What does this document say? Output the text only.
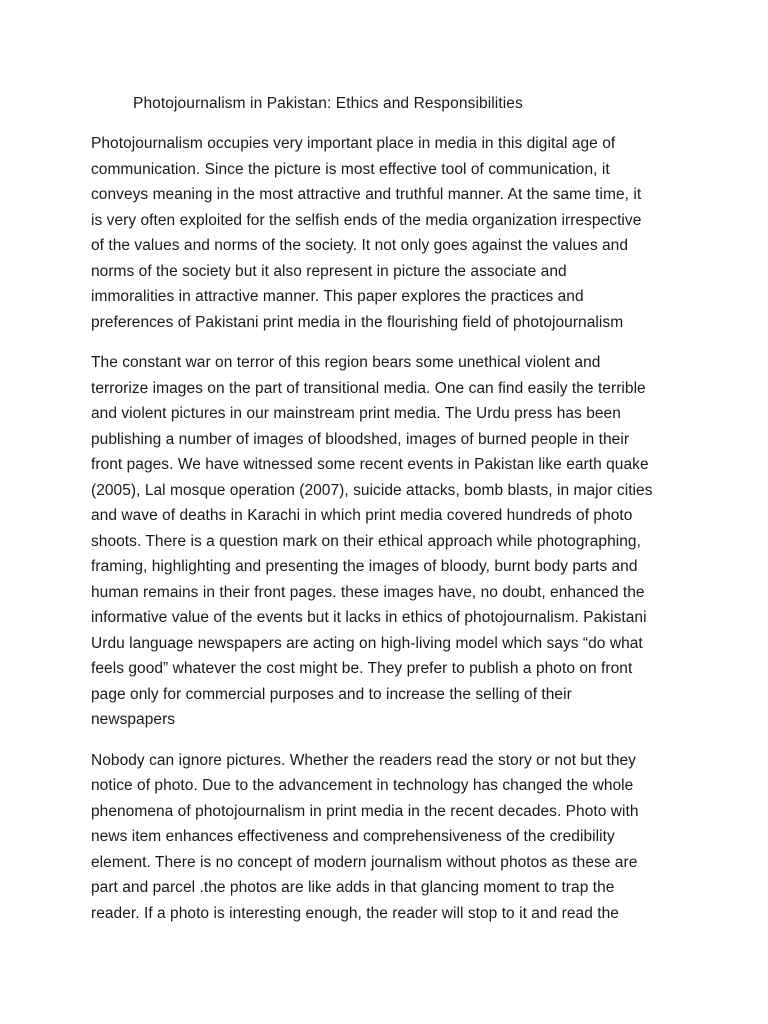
Photojournalism in Pakistan: Ethics and Responsibilities

Photojournalism occupies very important place in media in this digital age of
communication. Since the picture is most effective tool of communication, it
conveys meaning in the most attractive and truthful manner. At the same time, it
is very often exploited for the selfish ends of the media organization irrespective
of the values and norms of the society. It not only goes against the values and
norms of the society but it also represent in picture the associate and
immoralities in attractive manner. This paper explores the practices and
preferences of Pakistani print media in the flourishing field of photojournalism

The constant war on terror of this region bears some unethical violent and
terrorize images on the part of transitional media. One can find easily the terrible
and violent pictures in our mainstream print media. The Urdu press has been
publishing a number of images of bloodshed, images of burned people in their
front pages. We have witnessed some recent events in Pakistan like earth quake
(2005), Lal mosque operation (2007), suicide attacks, bomb blasts, in major cities
and wave of deaths in Karachi in which print media covered hundreds of photo
shoots. There is a question mark on their ethical approach while photographing,
framing, highlighting and presenting the images of bloody, burnt body parts and
human remains in their front pages. these images have, no doubt, enhanced the
informative value of the events but it lacks in ethics of photojournalism. Pakistani
Urdu language newspapers are acting on high-living model which says “do what
feels good” whatever the cost might be. They prefer to publish a photo on front
page only for commercial purposes and to increase the selling of their
newspapers

Nobody can ignore pictures. Whether the readers read the story or not but they
notice of photo. Due to the advancement in technology has changed the whole
phenomena of photojournalism in print media in the recent decades. Photo with
news item enhances effectiveness and comprehensiveness of the credibility
element. There is no concept of modern journalism without photos as these are
part and parcel .the photos are like adds in that glancing moment to trap the
reader. If a photo is interesting enough, the reader will stop to it and read the
